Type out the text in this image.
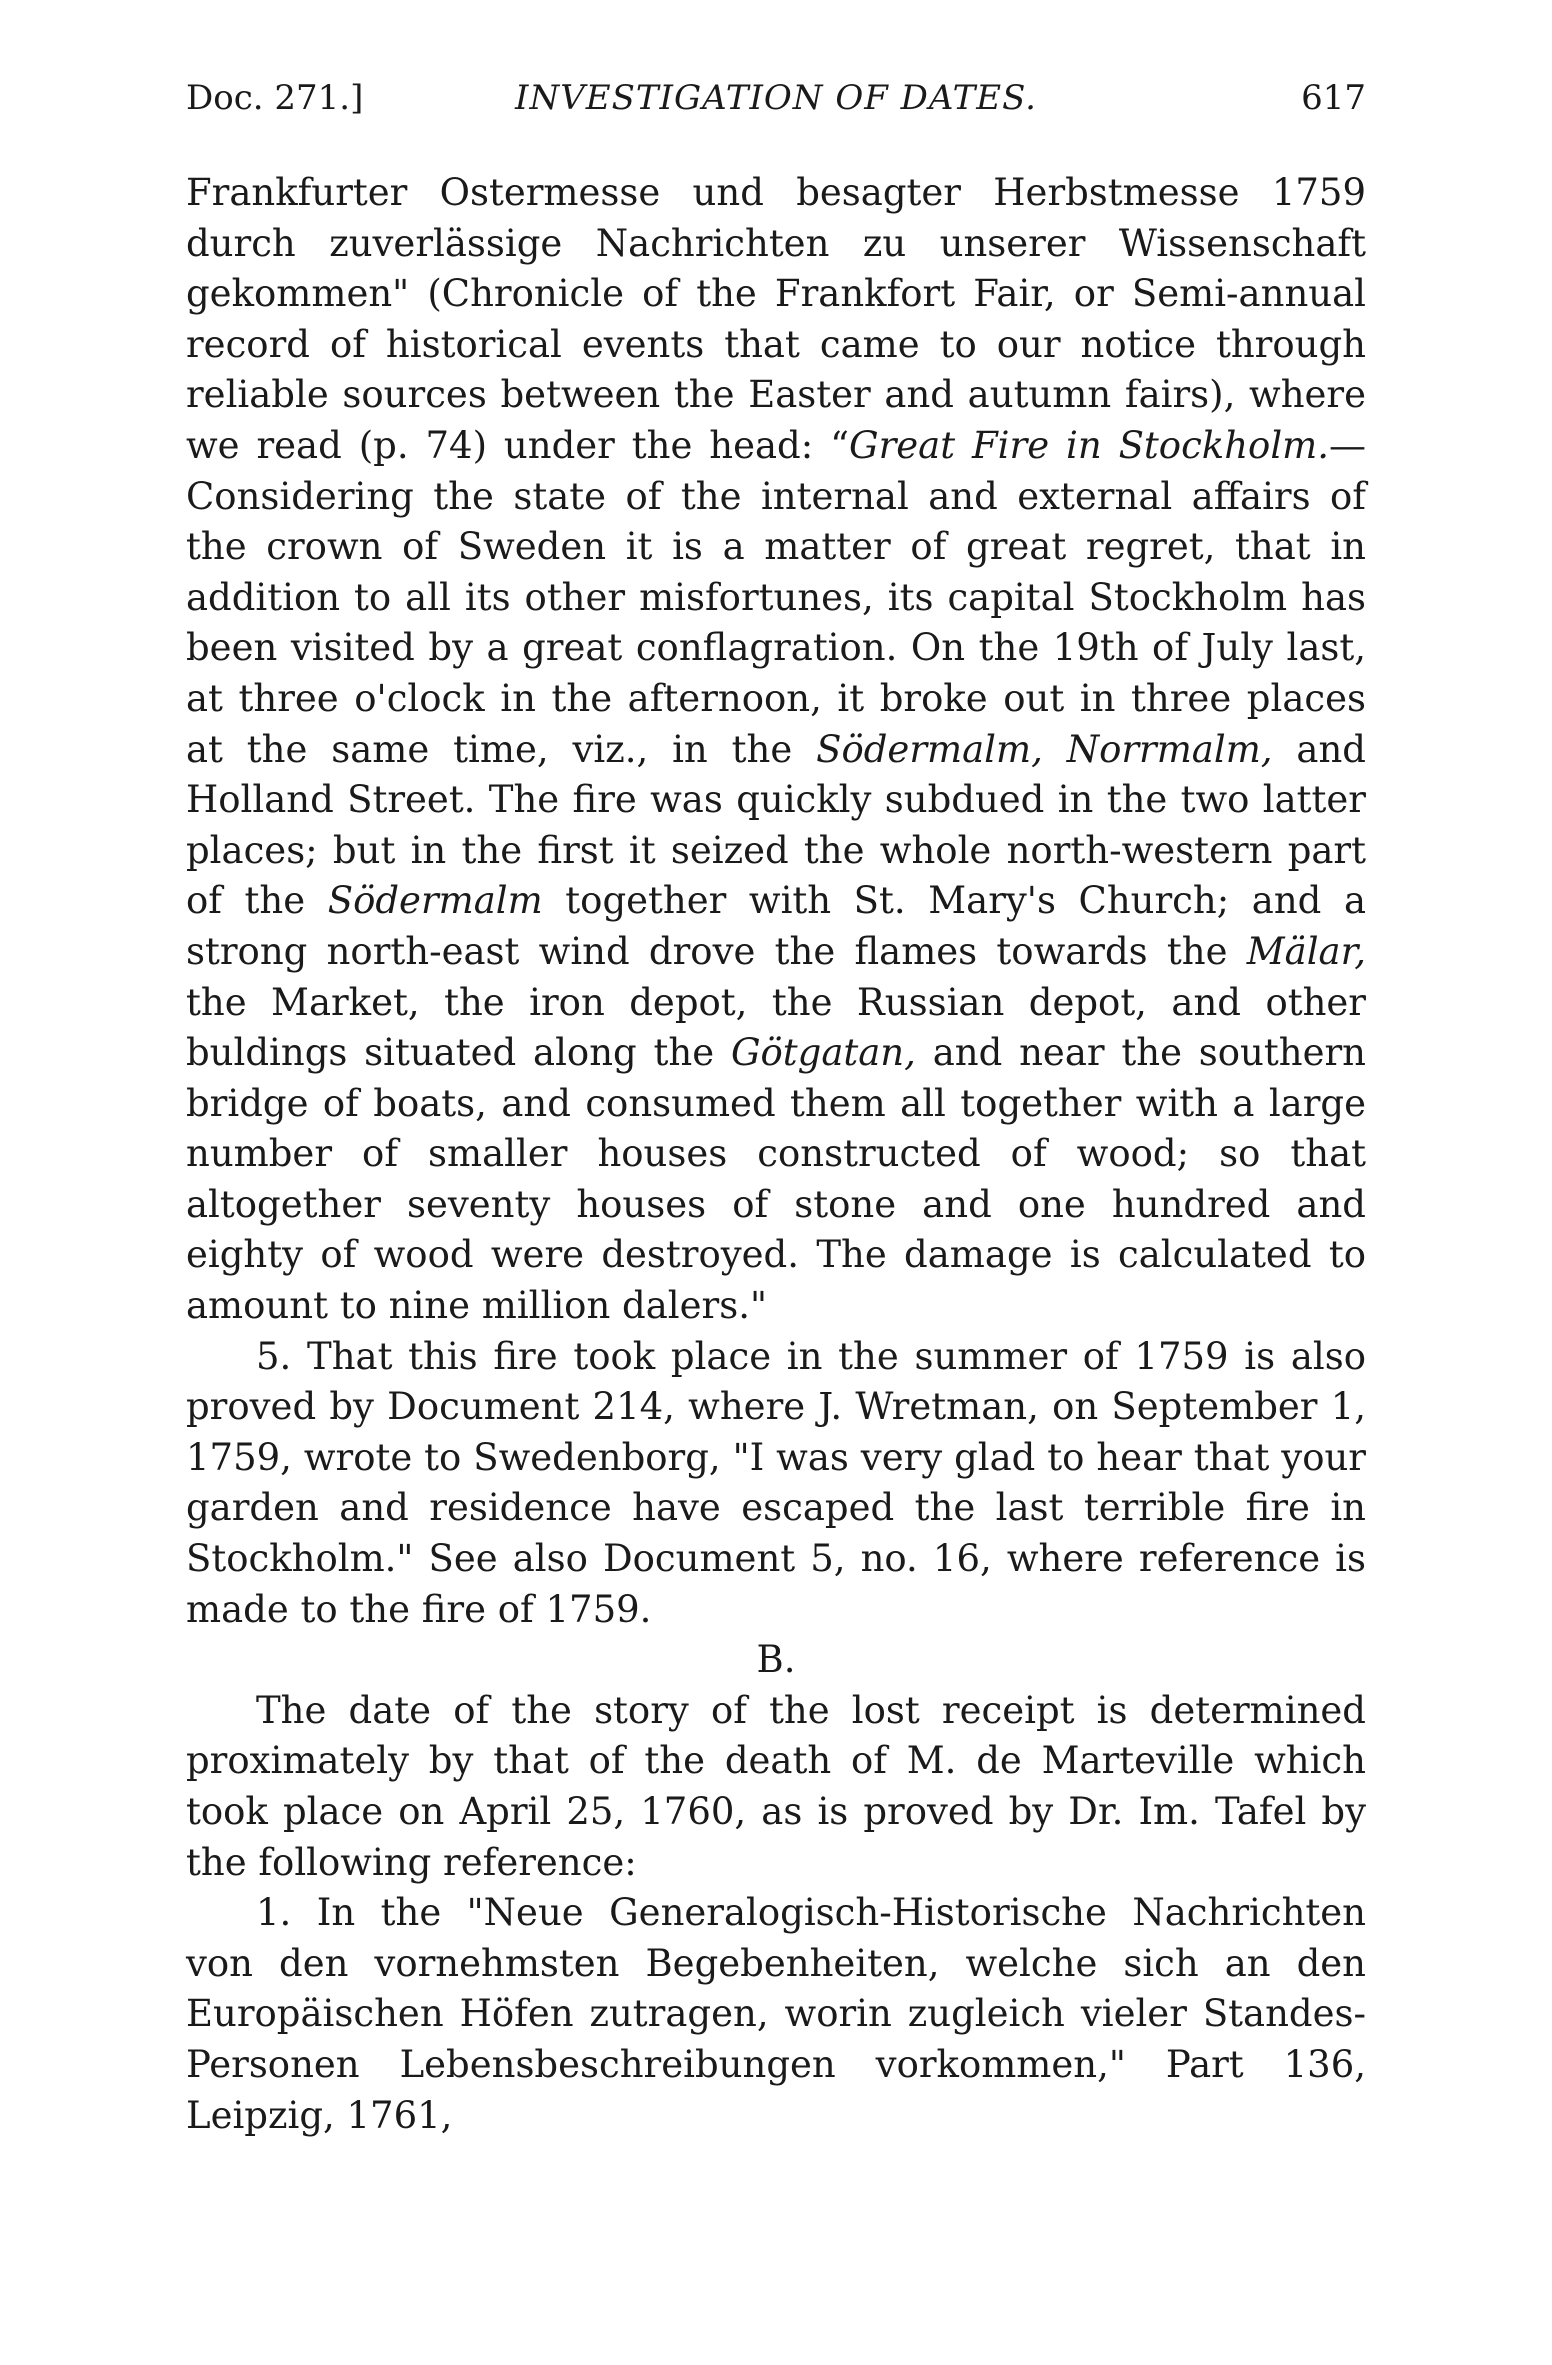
Doc. 271.]	INVESTIGATION OF DATES.	617

Frankfurter Ostermesse und besagter Herbstmesse 1759 durch zuverlässige Nachrichten zu unserer Wissenschaft gekommen" (Chronicle of the Frankfort Fair, or Semi-annual record of historical events that came to our notice through reliable sources between the Easter and autumn fairs), where we read (p. 74) under the head: “Great Fire in Stockholm.—Considering the state of the internal and external affairs of the crown of Sweden it is a matter of great regret, that in addition to all its other misfortunes, its capital Stockholm has been visited by a great conflagration. On the 19th of July last, at three o'clock in the afternoon, it broke out in three places at the same time, viz., in the Södermalm, Norrmalm, and Holland Street. The fire was quickly subdued in the two latter places; but in the first it seized the whole north-western part of the Södermalm together with St. Mary's Church; and a strong north-east wind drove the flames towards the Mälar, the Market, the iron depot, the Russian depot, and other buldings situated along the Götgatan, and near the southern bridge of boats, and consumed them all together with a large number of smaller houses constructed of wood; so that altogether seventy houses of stone and one hundred and eighty of wood were destroyed. The damage is calculated to amount to nine million dalers."

5. That this fire took place in the summer of 1759 is also proved by Document 214, where J. Wretman, on September 1, 1759, wrote to Swedenborg, "I was very glad to hear that your garden and residence have escaped the last terrible fire in Stockholm." See also Document 5, no. 16, where reference is made to the fire of 1759.

B.

The date of the story of the lost receipt is determined proximately by that of the death of M. de Marteville which took place on April 25, 1760, as is proved by Dr. Im. Tafel by the following reference:

1. In the "Neue Generalogisch-Historische Nachrichten von den vornehmsten Begebenheiten, welche sich an den Europäischen Höfen zutragen, worin zugleich vieler Standes-Personen Lebensbeschreibungen vorkommen," Part 136, Leipzig, 1761,
